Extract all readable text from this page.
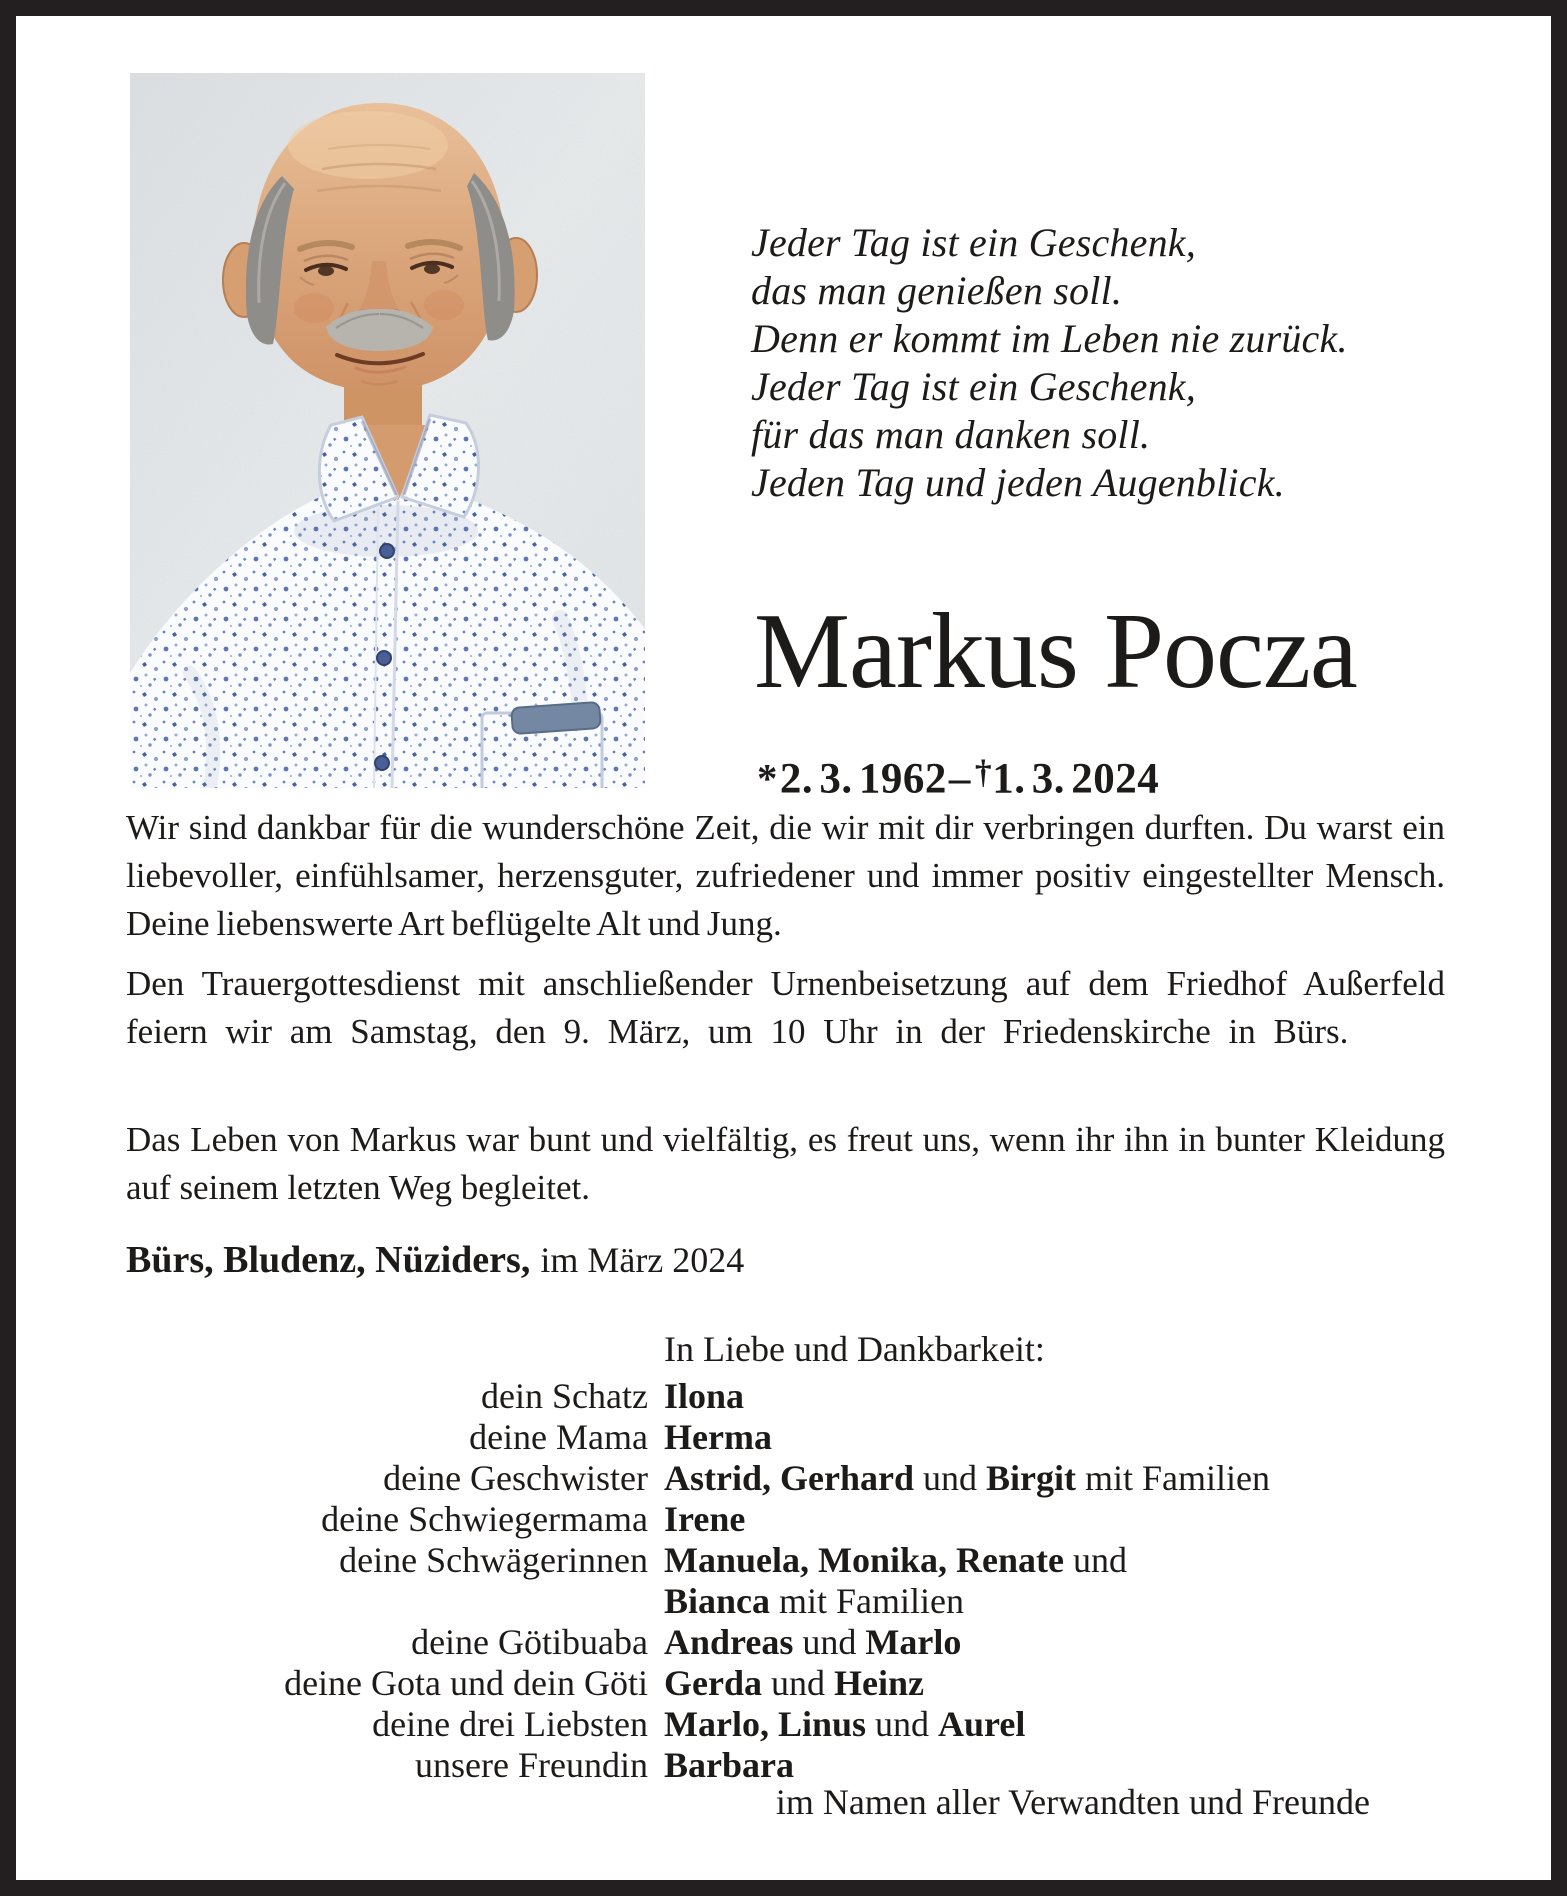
Jeder Tag ist ein Geschenk,
das man genießen soll.
Denn er kommt im Leben nie zurück.
Jeder Tag ist ein Geschenk,
für das man danken soll.
Jeden Tag und jeden Augenblick.
Markus Pocza
*2. 3. 1962– †1. 3. 2024

Wir sind dankbar für die wunderschöne Zeit, die wir mit dir verbringen durften. Du warst ein liebevoller, einfühlsamer, herzensguter, zufriedener und immer positiv eingestellter Mensch. Deine liebenswerte Art beflügelte Alt und Jung.

Den Trauergottesdienst mit anschließender Urnenbeisetzung auf dem Friedhof Außerfeld feiern wir am Samstag, den 9. März, um 10 Uhr in der Friedenskirche in Bürs.

Das Leben von Markus war bunt und vielfältig, es freut uns, wenn ihr ihn in bunter Kleidung auf seinem letzten Weg begleitet.

Bürs, Bludenz, Nüziders, im März 2024
In Liebe und Dankbarkeit:
dein Schatz Ilona
deine Mama Herma
deine Geschwister Astrid, Gerhard und Birgit mit Familien
deine Schwiegermama Irene
deine Schwägerinnen Manuela, Monika, Renate und
Bianca mit Familien
deine Götibuaba Andreas und Marlo
deine Gota und dein Göti Gerda und Heinz
deine drei Liebsten Marlo, Linus und Aurel
unsere Freundin Barbara
im Namen aller Verwandten und Freunde
